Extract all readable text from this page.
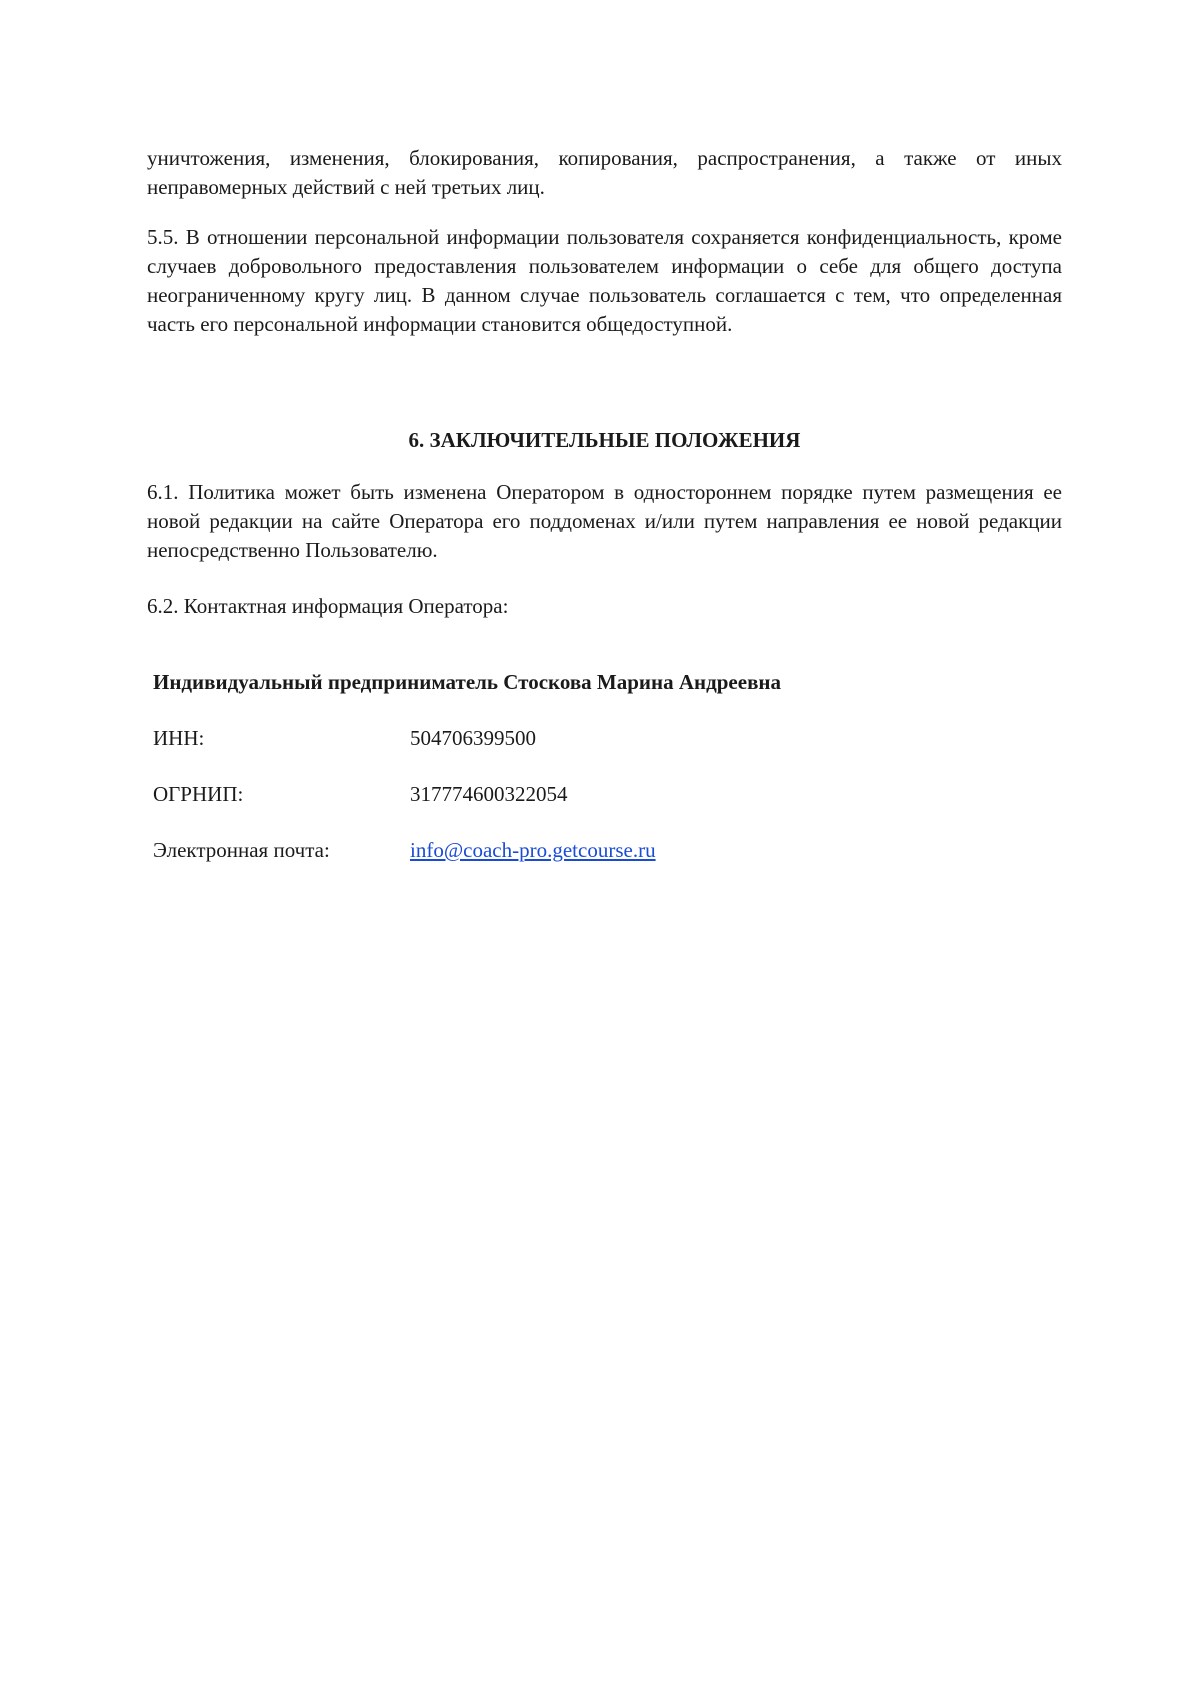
уничтожения, изменения, блокирования, копирования, распространения, а также от иных неправомерных действий с ней третьих лиц.

5.5. В отношении персональной информации пользователя сохраняется конфиденциальность, кроме случаев добровольного предоставления пользователем информации о себе для общего доступа неограниченному кругу лиц. В данном случае пользователь соглашается с тем, что определенная часть его персональной информации становится общедоступной.

6. ЗАКЛЮЧИТЕЛЬНЫЕ ПОЛОЖЕНИЯ

6.1. Политика может быть изменена Оператором в одностороннем порядке путем размещения ее новой редакции на сайте Оператора его поддоменах и/или путем направления ее новой редакции непосредственно Пользователю.

6.2. Контактная информация Оператора:

Индивидуальный предприниматель Стоскова Марина Андреевна

ИНН:	504706399500
ОГРНИП:	317774600322054
Электронная почта:	info@coach-pro.getcourse.ru
